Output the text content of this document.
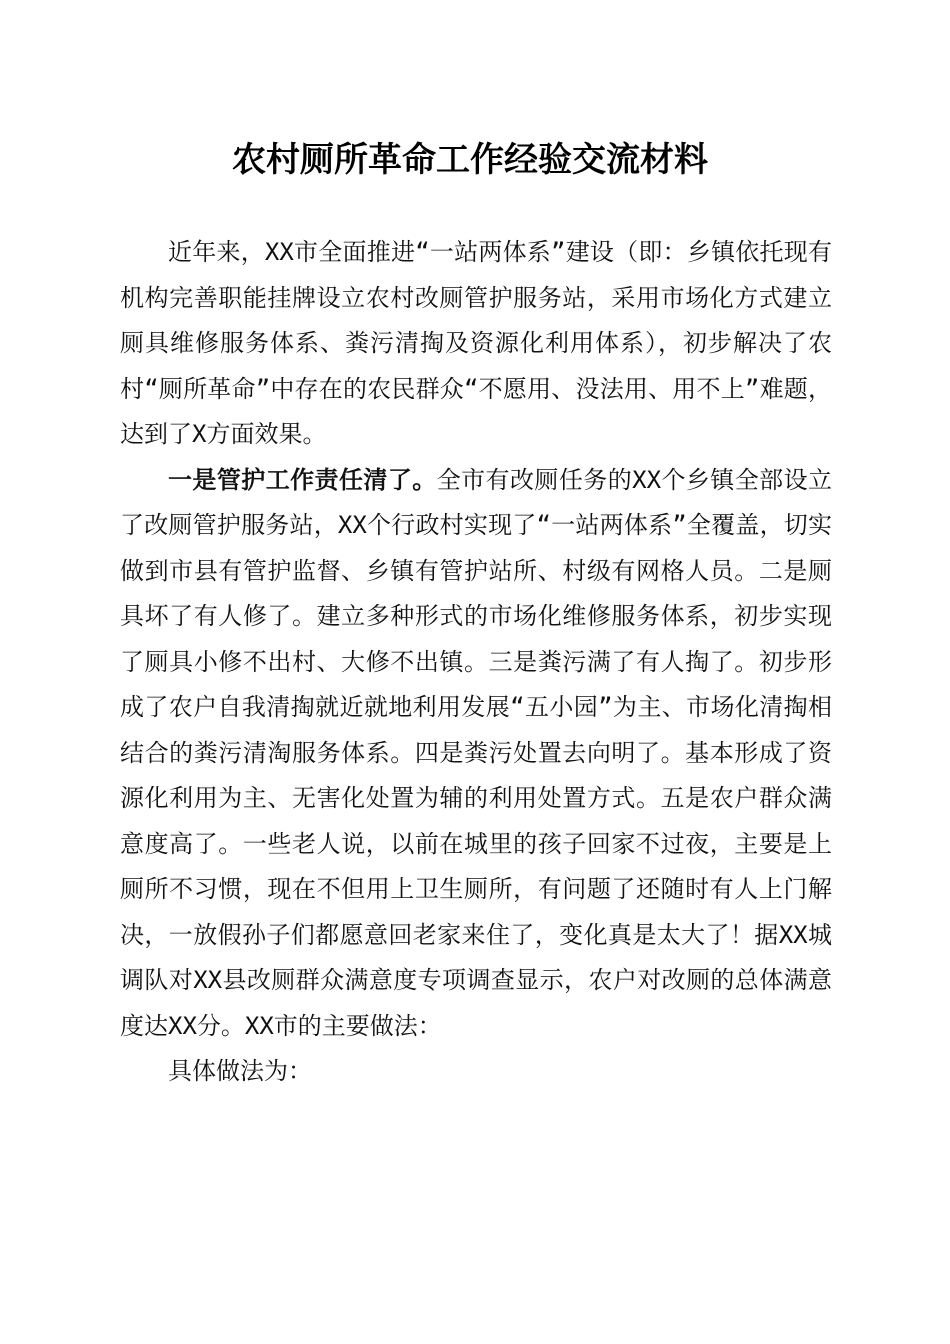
农村厕所革命工作经验交流材料

近年来，XX市全面推进“一站两体系”建设（即：乡镇依托现有机构完善职能挂牌设立农村改厕管护服务站，采用市场化方式建立厕具维修服务体系、粪污清掏及资源化利用体系），初步解决了农村“厕所革命”中存在的农民群众“不愿用、没法用、用不上”难题，达到了X方面效果。

一是管护工作责任清了。全市有改厕任务的XX个乡镇全部设立了改厕管护服务站，XX个行政村实现了“一站两体系”全覆盖，切实做到市县有管护监督、乡镇有管护站所、村级有网格人员。二是厕具坏了有人修了。建立多种形式的市场化维修服务体系，初步实现了厕具小修不出村、大修不出镇。三是粪污满了有人掏了。初步形成了农户自我清掏就近就地利用发展“五小园”为主、市场化清掏相结合的粪污清淘服务体系。四是粪污处置去向明了。基本形成了资源化利用为主、无害化处置为辅的利用处置方式。五是农户群众满意度高了。一些老人说，以前在城里的孩子回家不过夜，主要是上厕所不习惯，现在不但用上卫生厕所，有问题了还随时有人上门解决，一放假孙子们都愿意回老家来住了，变化真是太大了！据XX城调队对XX县改厕群众满意度专项调查显示，农户对改厕的总体满意度达XX分。XX市的主要做法：

具体做法为：
